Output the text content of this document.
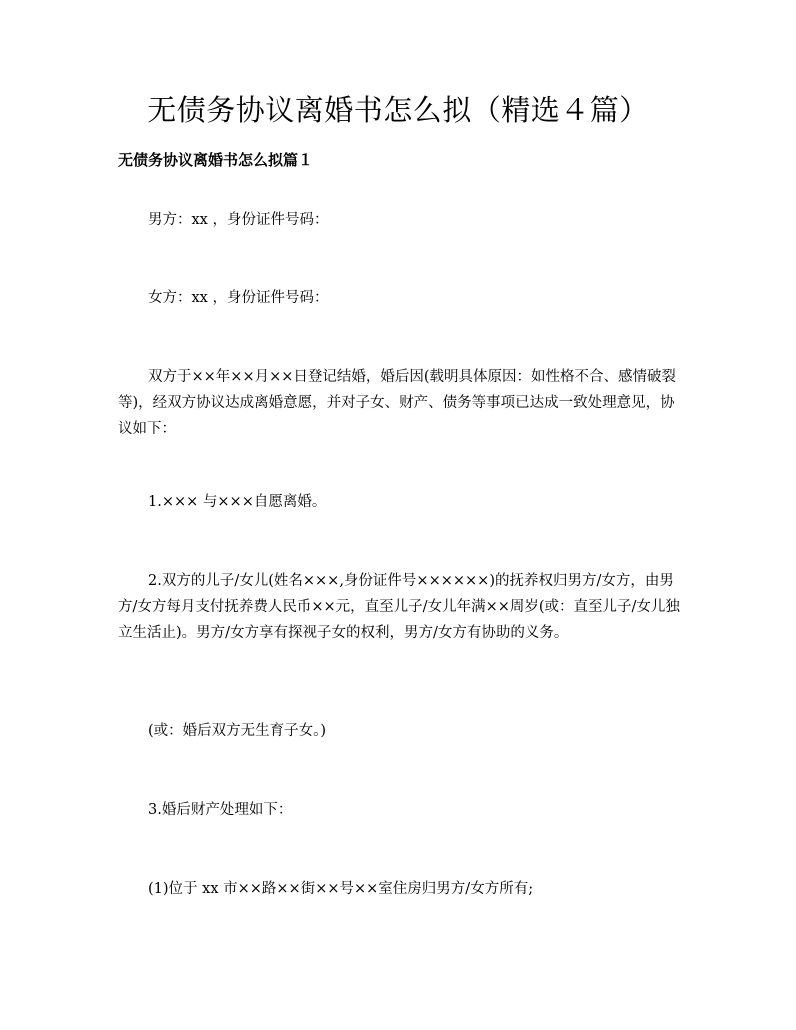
无债务协议离婚书怎么拟（精选４篇）
无债务协议离婚书怎么拟篇１

男方：xx ，身份证件号码：

女方：xx ，身份证件号码：

双方于××年××月××日登记结婚，婚后因(载明具体原因：如性格不合、感情破裂等)，经双方协议达成离婚意愿，并对子女、财产、债务等事项已达成一致处理意见，协议如下：

1.××× 与×××自愿离婚。

2.双方的儿子/女儿(姓名×××,身份证件号××××××)的抚养权归男方/女方，由男方/女方每月支付抚养费人民币××元，直至儿子/女儿年满××周岁(或：直至儿子/女儿独立生活止)。男方/女方享有探视子女的权利，男方/女方有协助的义务。

(或：婚后双方无生育子女。)

3.婚后财产处理如下：

(1)位于 xx 市××路××街××号××室住房归男方/女方所有;
